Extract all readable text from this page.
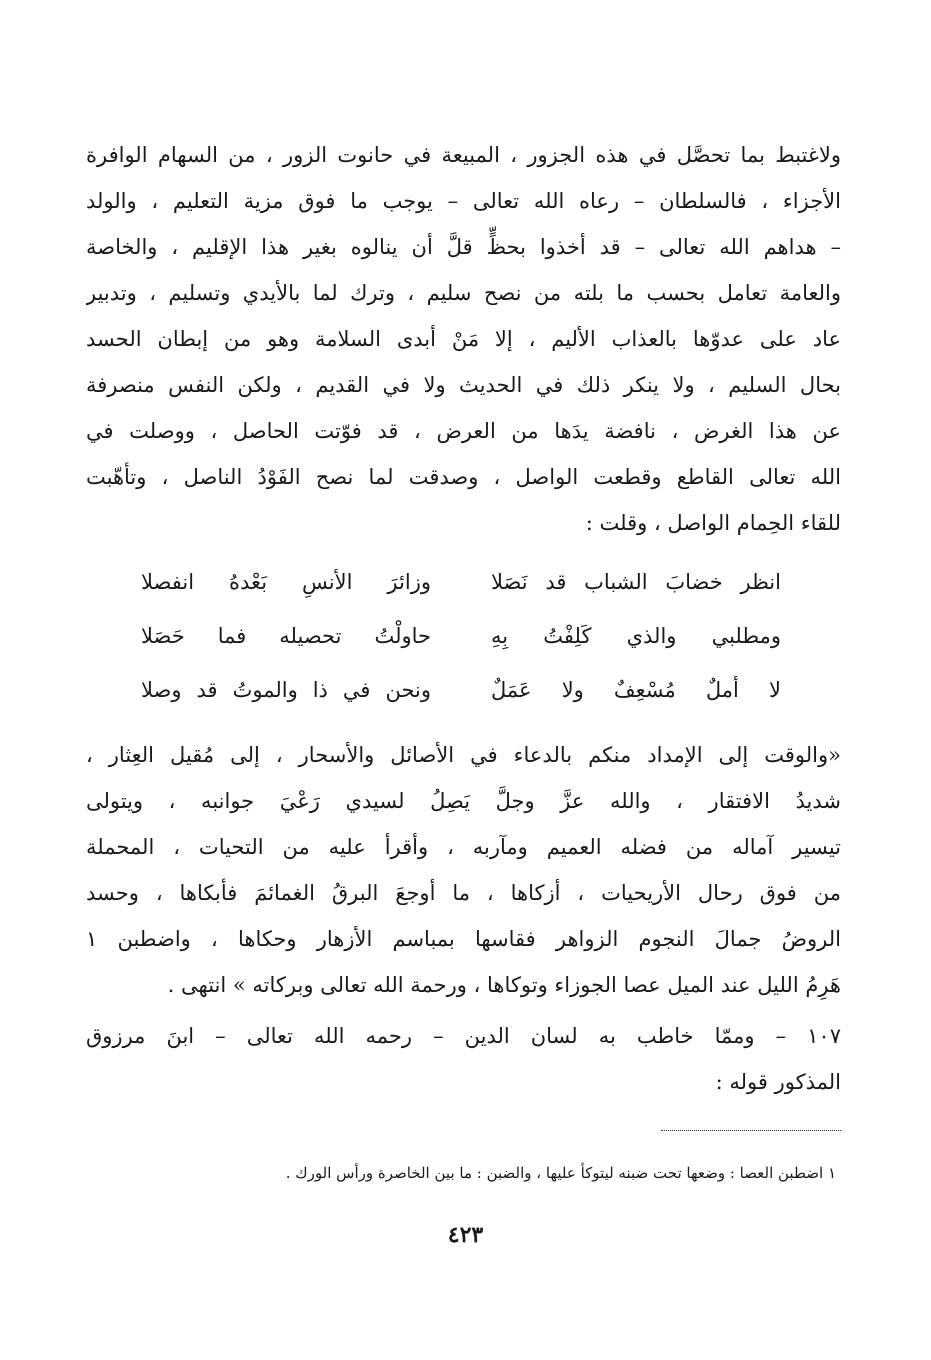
ولاغتبط بما تحصَّل في هذه الجزور ، المبيعة في حانوت الزور ، من السهام الوافرة
الأجزاء ، فالسلطان – رعاه الله تعالى – يوجب ما فوق مزية التعليم ، والولد
– هداهم الله تعالى – قد أخذوا بحظٍّ قلَّ أن ينالوه بغير هذا الإقليم ، والخاصة
والعامة تعامل بحسب ما بلته من نصح سليم ، وترك لما بالأيدي وتسليم ، وتدبير
عاد على عدوّها بالعذاب الأليم ، إلا مَنْ أبدى السلامة وهو من إبطان الحسد
بحال السليم ، ولا ينكر ذلك في الحديث ولا في القديم ، ولكن النفس منصرفة
عن هذا الغرض ، نافضة يدَها من العرض ، قد فوّتت الحاصل ، ووصلت في
الله تعالى القاطع وقطعت الواصل ، وصدقت لما نصح الفَوْدُ الناصل ، وتأهّبت
للقاء الحِمام الواصل ، وقلت :
انظر خضابَ الشباب قد نَصَلا
وزائرَ الأنسِ بَعْدهُ انفصلا
ومطلبي والذي كَلِفْتُ بِهِ
حاولْتُ تحصيله فما حَصَلا
لا أملٌ مُسْعِفٌ ولا عَمَلٌ
ونحن في ذا والموتُ قد وصلا
«والوقت إلى الإمداد منكم بالدعاء في الأصائل والأسحار ، إلى مُقيل العِثار ،
شديدُ الافتقار ، والله عزَّ وجلَّ يَصِلُ لسيدي رَعْيَ جوانبه ، ويتولى
تيسير آماله من فضله العميم ومآربه ، وأقرأ عليه من التحيات ، المحملة
من فوق رحال الأريحيات ، أزكاها ، ما أوجعَ البرقُ الغمائمَ فأبكاها ، وحسد
الروضُ جمالَ النجوم الزواهر فقاسها بمباسم الأزهار وحكاها ، واضطبن ١
هَرِمُ الليل عند الميل عصا الجوزاء وتوكاها ، ورحمة الله تعالى وبركاته » انتهى .
١٠٧ – وممّا خاطب به لسان الدين – رحمه الله تعالى – ابنَ مرزوق
المذكور قوله :
١ اضطبن العصا : وضعها تحت ضبنه ليتوكأ عليها ، والضبن : ما بين الخاصرة ورأس الورك .
٤٢٣
